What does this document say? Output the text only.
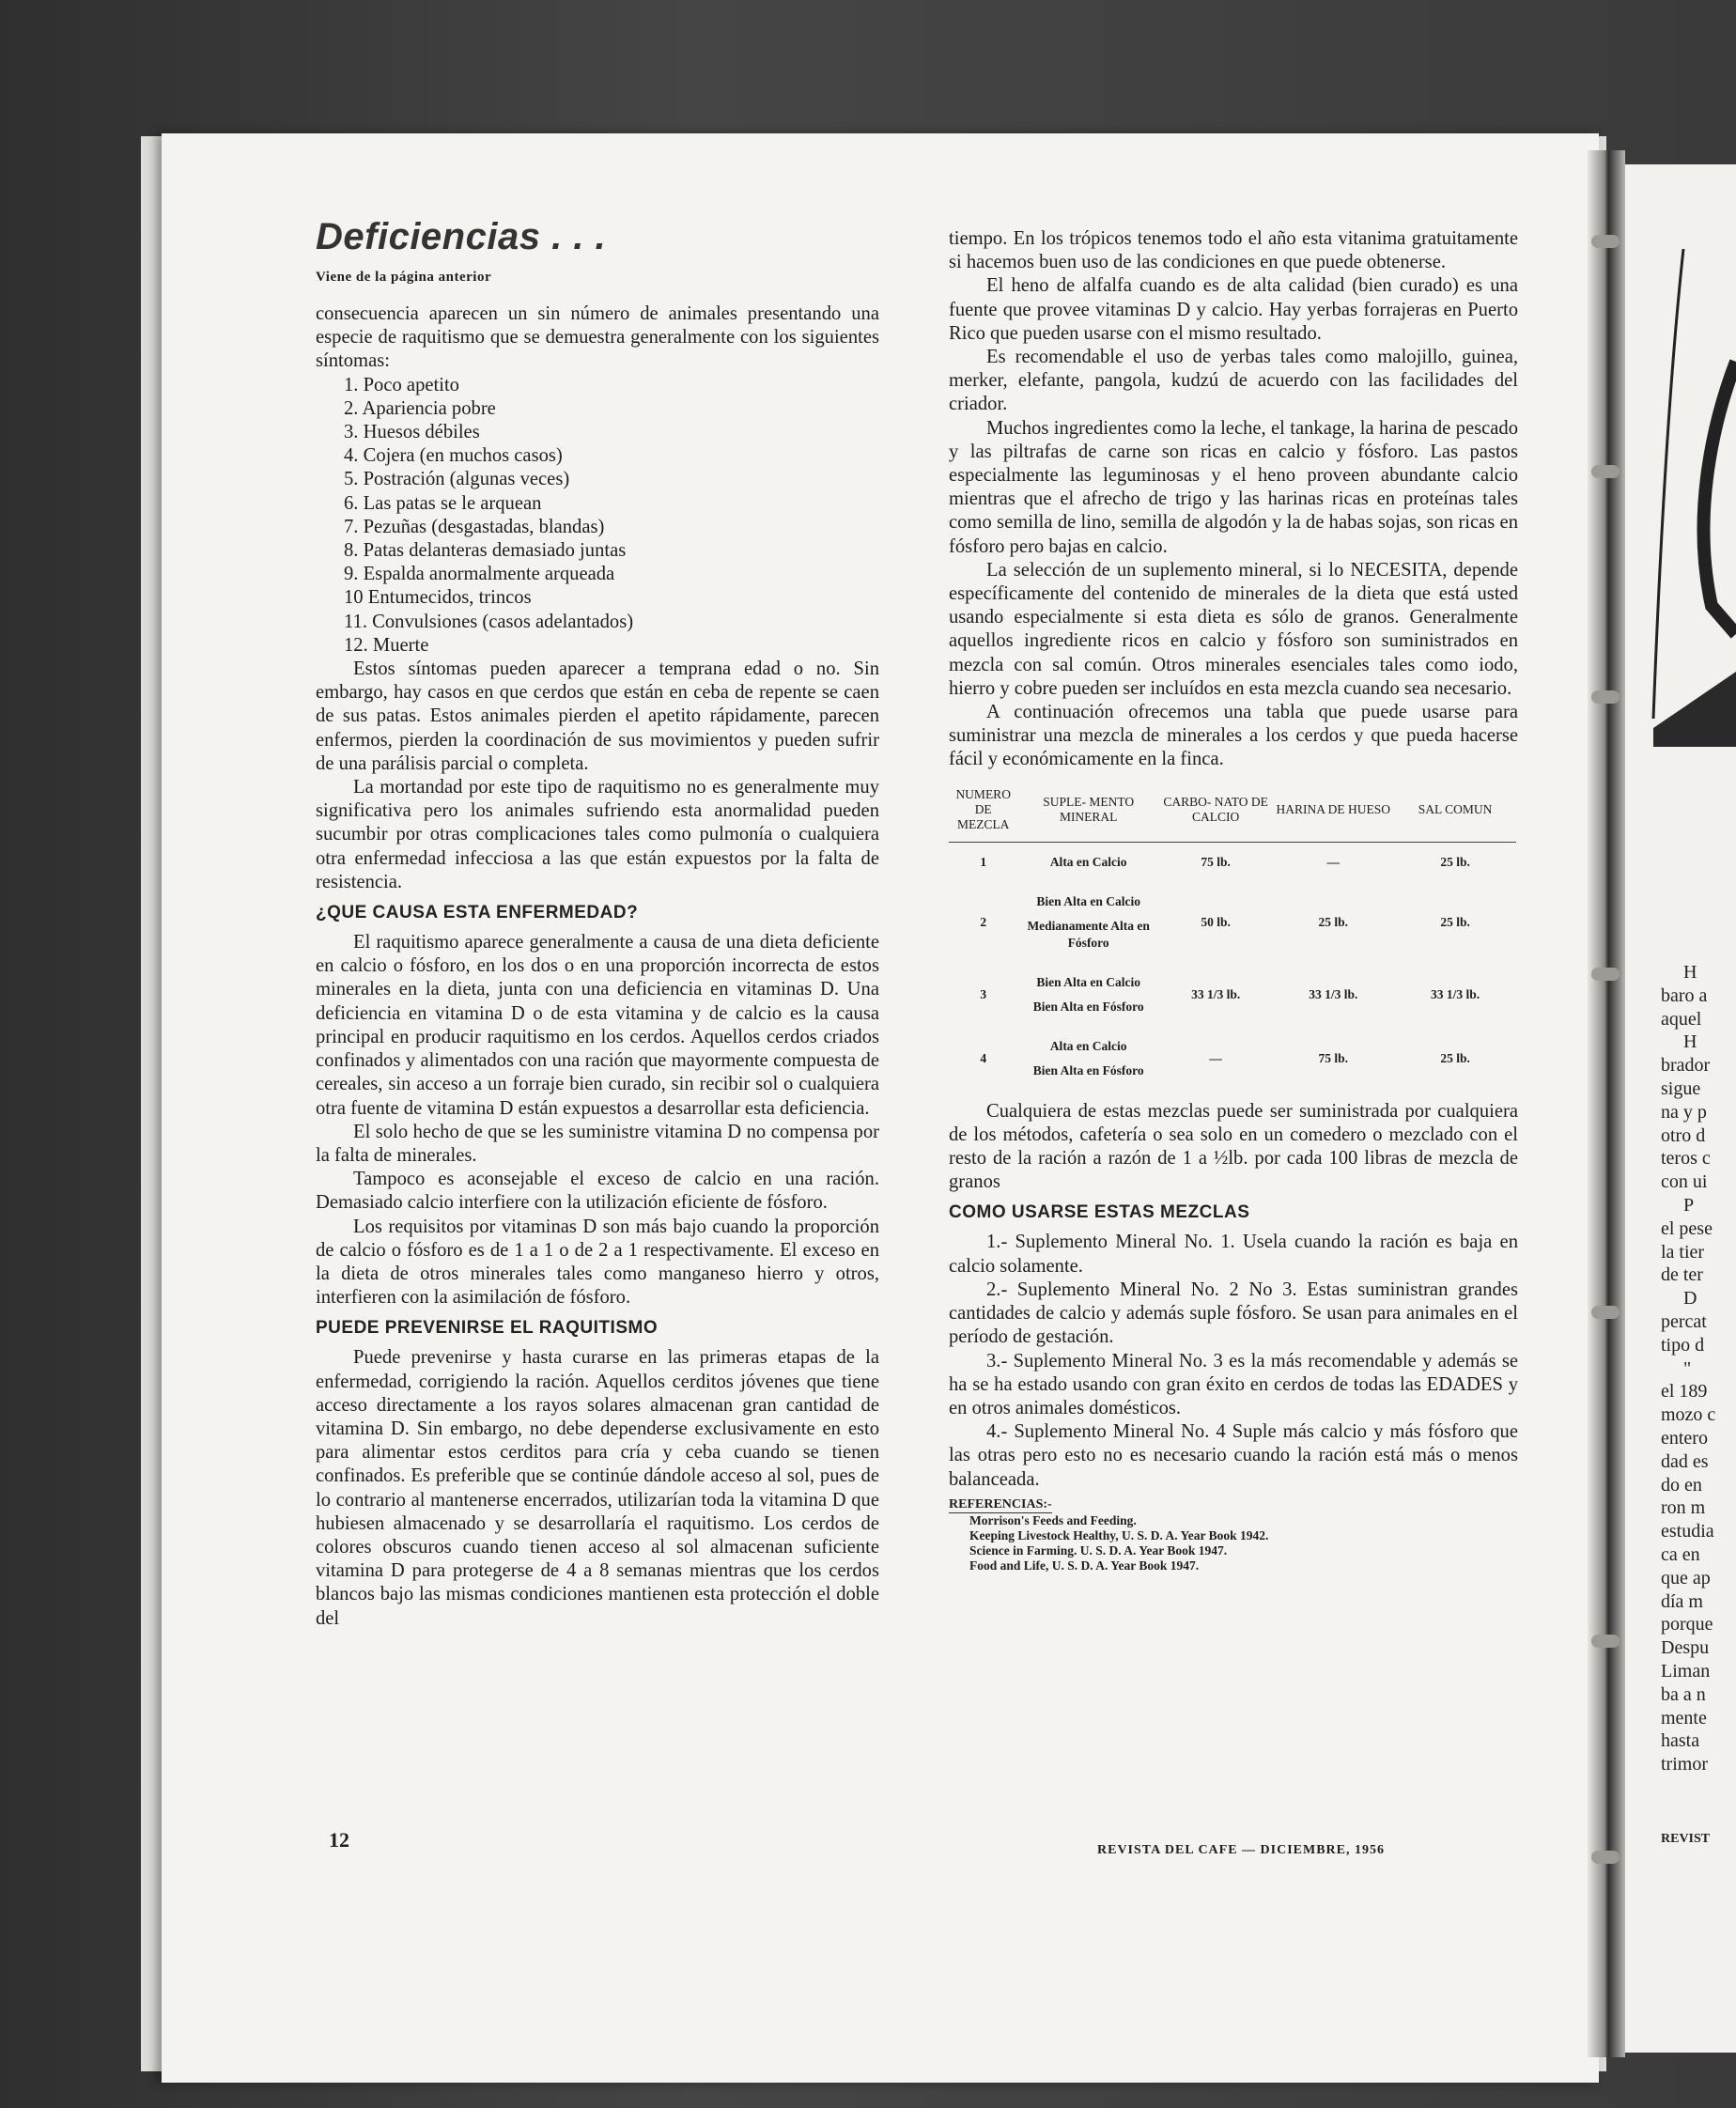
Deficiencias . . .
Viene de la página anterior

consecuencia aparecen un sin número de animales presentando una especie de raquitismo que se demuestra generalmente con los siguientes síntomas:

1. Poco apetito
2. Apariencia pobre
3. Huesos débiles
4. Cojera (en muchos casos)
5. Postración (algunas veces)
6. Las patas se le arquean
7. Pezuñas (desgastadas, blandas)
8. Patas delanteras demasiado juntas
9. Espalda anormalmente arqueada
10 Entumecidos, trincos
11. Convulsiones (casos adelantados)
12. Muerte

Estos síntomas pueden aparecer a temprana edad o no. Sin embargo, hay casos en que cerdos que están en ceba de repente se caen de sus patas. Estos animales pierden el apetito rápidamente, parecen enfermos, pierden la coordinación de sus movimientos y pueden sufrir de una parálisis parcial o completa.

La mortandad por este tipo de raquitismo no es generalmente muy significativa pero los animales sufriendo esta anormalidad pueden sucumbir por otras complicaciones tales como pulmonía o cualquiera otra enfermedad infecciosa a las que están expuestos por la falta de resistencia.

¿QUE CAUSA ESTA ENFERMEDAD?

El raquitismo aparece generalmente a causa de una dieta deficiente en calcio o fósforo, en los dos o en una proporción incorrecta de estos minerales en la dieta, junta con una deficiencia en vitaminas D. Una deficiencia en vitamina D o de esta vitamina y de calcio es la causa principal en producir raquitismo en los cerdos. Aquellos cerdos criados confinados y alimentados con una ración que mayormente compuesta de cereales, sin acceso a un forraje bien curado, sin recibir sol o cualquiera otra fuente de vitamina D están expuestos a desarrollar esta deficiencia.

El solo hecho de que se les suministre vitamina D no compensa por la falta de minerales.

Tampoco es aconsejable el exceso de calcio en una ración. Demasiado calcio interfiere con la utilización eficiente de fósforo.

Los requisitos por vitaminas D son más bajo cuando la proporción de calcio o fósforo es de 1 a 1 o de 2 a 1 respectivamente. El exceso en la dieta de otros minerales tales como manganeso hierro y otros, interfieren con la asimilación de fósforo.

PUEDE PREVENIRSE EL RAQUITISMO

Puede prevenirse y hasta curarse en las primeras etapas de la enfermedad, corrigiendo la ración. Aquellos cerditos jóvenes que tiene acceso directamente a los rayos solares almacenan gran cantidad de vitamina D. Sin embargo, no debe dependerse exclusivamente en esto para alimentar estos cerditos para cría y ceba cuando se tienen confinados. Es preferible que se continúe dándole acceso al sol, pues de lo contrario al mantenerse encerrados, utilizarían toda la vitamina D que hubiesen almacenado y se desarrollaría el raquitismo. Los cerdos de colores obscuros cuando tienen acceso al sol almacenan suficiente vitamina D para protegerse de 4 a 8 semanas mientras que los cerdos blancos bajo las mismas condiciones mantienen esta protección el doble del

12

tiempo. En los trópicos tenemos todo el año esta vitanima gratuitamente si hacemos buen uso de las condiciones en que puede obtenerse.

El heno de alfalfa cuando es de alta calidad (bien curado) es una fuente que provee vitaminas D y calcio. Hay yerbas forrajeras en Puerto Rico que pueden usarse con el mismo resultado.

Es recomendable el uso de yerbas tales como malojillo, guinea, merker, elefante, pangola, kudzú de acuerdo con las facilidades del criador.

Muchos ingredientes como la leche, el tankage, la harina de pescado y las piltrafas de carne son ricas en calcio y fósforo. Las pastos especialmente las leguminosas y el heno proveen abundante calcio mientras que el afrecho de trigo y las harinas ricas en proteínas tales como semilla de lino, semilla de algodón y la de habas sojas, son ricas en fósforo pero bajas en calcio.

La selección de un suplemento mineral, si lo NECESITA, depende específicamente del contenido de minerales de la dieta que está usted usando especialmente si esta dieta es sólo de granos. Generalmente aquellos ingrediente ricos en calcio y fósforo son suministrados en mezcla con sal común. Otros minerales esenciales tales como iodo, hierro y cobre pueden ser incluídos en esta mezcla cuando sea necesario.

A continuación ofrecemos una tabla que puede usarse para suministrar una mezcla de minerales a los cerdos y que pueda hacerse fácil y económicamente en la finca.

NUMERO DE MEZCLA	SUPLE- MENTO MINERAL	CARBO- NATO DE CALCIO	HARINA DE HUESO	SAL COMUN
1	Alta en Calcio	75 lb.	—	25 lb.
2	Bien Alta en Calcio
Medianamente Alta en Fósforo	50 lb.	25 lb.	25 lb.
3	Bien Alta en Calcio
Bien Alta en Fósforo	33 1/3 lb.	33 1/3 lb.	33 1/3 lb.
4	Alta en Calcio
Bien Alta en Fósforo	—	75 lb.	25 lb.

Cualquiera de estas mezclas puede ser suministrada por cualquiera de los métodos, cafetería o sea solo en un comedero o mezclado con el resto de la ración a razón de 1 a ½lb. por cada 100 libras de mezcla de granos

COMO USARSE ESTAS MEZCLAS

1.- Suplemento Mineral No. 1. Usela cuando la ración es baja en calcio solamente.

2.- Suplemento Mineral No. 2 No 3. Estas suministran grandes cantidades de calcio y además suple fósforo. Se usan para animales en el período de gestación.

3.- Suplemento Mineral No. 3 es la más recomendable y además se ha se ha estado usando con gran éxito en cerdos de todas las EDADES y en otros animales domésticos.

4.- Suplemento Mineral No. 4 Suple más calcio y más fósforo que las otras pero esto no es necesario cuando la ración está más o menos balanceada.

REFERENCIAS:-
Morrison's Feeds and Feeding.
Keeping Livestock Healthy, U. S. D. A. Year Book 1942.
Science in Farming. U. S. D. A. Year Book 1947.
Food and Life, U. S. D. A. Year Book 1947.
REVISTA DEL CAFE — DICIEMBRE, 1956
H
baro a
aquel
H
brador
sigue
na y p
otro d
teros c
con ui
P
el pese
la tier
de ter
D
percat
tipo d
"
el 189
mozo c
entero
dad es
do en
ron m
estudia
ca en
que ap
día m
porque
Despu
Liman
ba a n
mente
hasta
trimor
REVIST
